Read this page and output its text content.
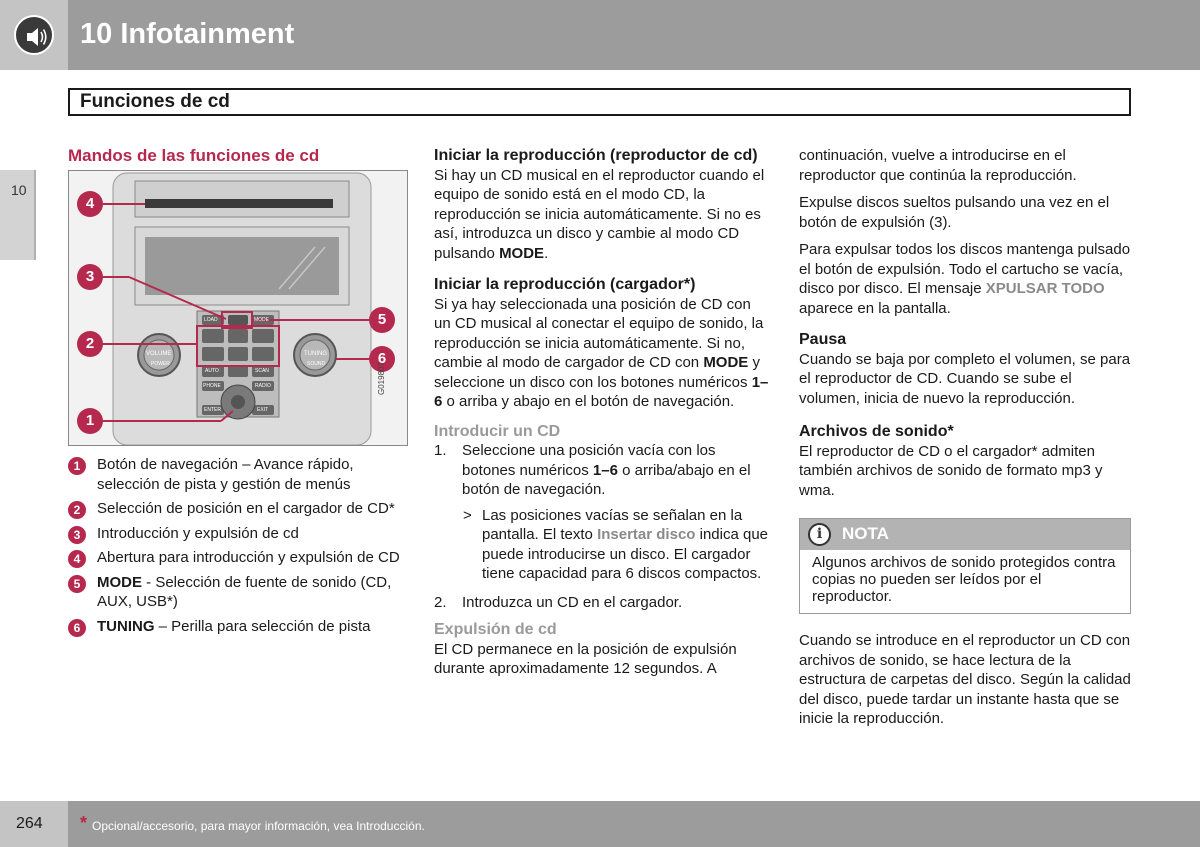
10 Infotainment
Funciones de cd
10
Mandos de las funciones de cd
VOLUME
POWER
TUNING
SOUND
MODE
LOAD
AUTO	SCAN
PHONE	RADIO
ENTER	EXIT
4
3
2
1
5
6
G019807
1	Botón de navegación – Avance rápido, selección de pista y gestión de menús
2	Selección de posición en el cargador de CD*
3	Introducción y expulsión de cd
4	Abertura para introducción y expulsión de CD
5	MODE - Selección de fuente de sonido (CD, AUX, USB*)
6	TUNING – Perilla para selección de pista

Iniciar la reproducción (reproductor de cd)

Si hay un CD musical en el reproductor cuando el equipo de sonido está en el modo CD, la reproducción se inicia automáticamente. Si no es así, introduzca un disco y cambie al modo CD pulsando MODE.

Iniciar la reproducción (cargador*)

Si ya hay seleccionada una posición de CD con un CD musical al conectar el equipo de sonido, la reproducción se inicia automáticamente. Si no, cambie al modo de cargador de CD con MODE y seleccione un disco con los botones numéricos 1–6 o arriba y abajo en el botón de navegación.

Introducir un CD

1. Seleccione una posición vacía con los botones numéricos 1–6 o arriba/abajo en el botón de navegación.
> Las posiciones vacías se señalan en la pantalla. El texto Insertar disco indica que puede introducirse un disco. El cargador tiene capacidad para 6 discos compactos.
2. Introduzca un CD en el cargador.

Expulsión de cd

El CD permanece en la posición de expulsión durante aproximadamente 12 segundos. A

continuación, vuelve a introducirse en el reproductor que continúa la reproducción.

Expulse discos sueltos pulsando una vez en el botón de expulsión (3).

Para expulsar todos los discos mantenga pulsado el botón de expulsión. Todo el cartucho se vacía, disco por disco. El mensaje XPULSAR TODO aparece en la pantalla.

Pausa

Cuando se baja por completo el volumen, se para el reproductor de CD. Cuando se sube el volumen, inicia de nuevo la reproducción.

Archivos de sonido*

El reproductor de CD o el cargador* admiten también archivos de sonido de formato mp3 y wma.

i	NOTA
Algunos archivos de sonido protegidos contra copias no pueden ser leídos por el reproductor.

Cuando se introduce en el reproductor un CD con archivos de sonido, se hace lectura de la estructura de carpetas del disco. Según la calidad del disco, puede tardar un instante hasta que se inicie la reproducción.

264 * Opcional/accesorio, para mayor información, vea Introducción.
